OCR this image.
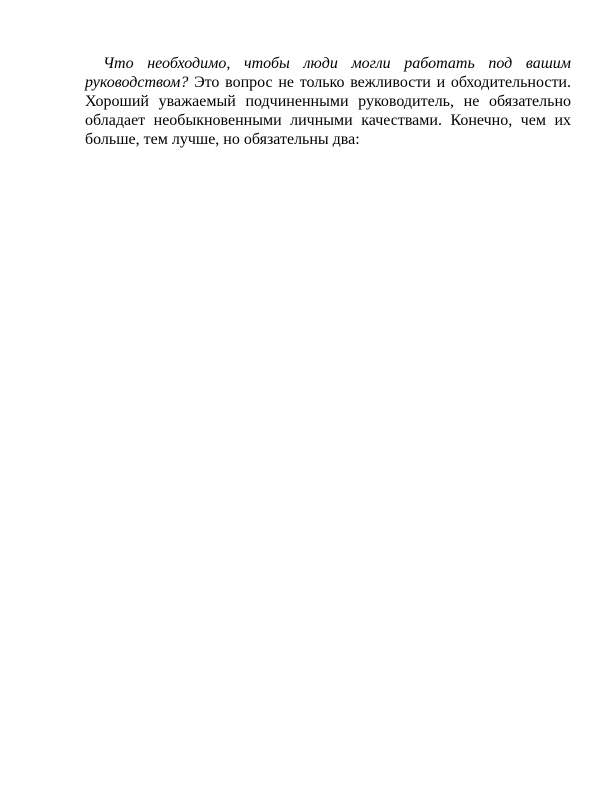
Что необходимо, чтобы люди могли работать под вашим руководством? Это вопрос не только вежливости и обходительности. Хороший уважаемый подчиненными руководитель, не обязательно обладает необыкновенными личными качествами. Конечно, чем их больше, тем лучше, но обязательны два:
